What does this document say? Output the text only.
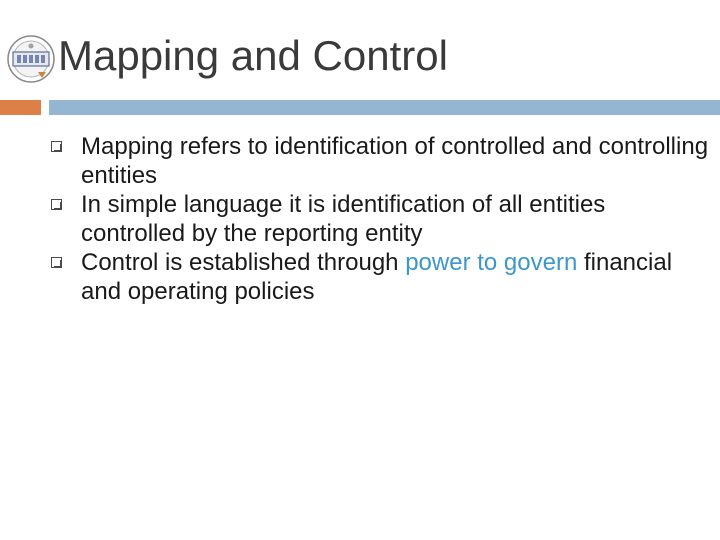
Mapping and Control
Mapping refers to identification of controlled and controlling entities
In simple language it is identification of all entities controlled by the reporting entity
Control is established through power to govern financial and operating policies
